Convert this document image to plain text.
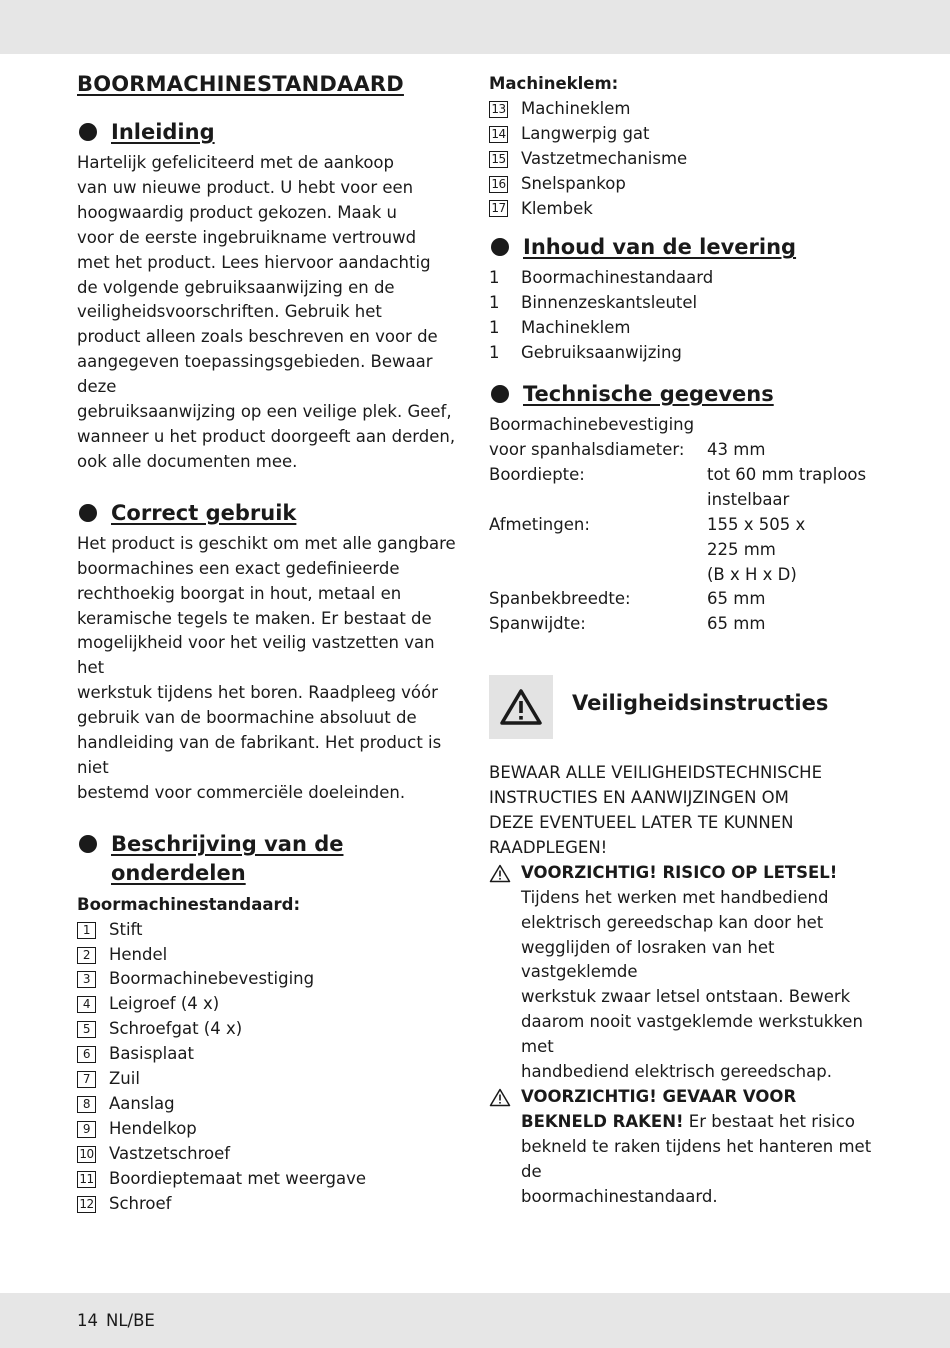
BOORMACHINESTANDAARD
Inleiding

Hartelijk gefeliciteerd met de aankoop
van uw nieuwe product. U hebt voor een
hoogwaardig product gekozen. Maak u
voor de eerste ingebruikname vertrouwd
met het product. Lees hiervoor aandachtig
de volgende gebruiksaanwijzing en de
veiligheidsvoorschriften. Gebruik het
product alleen zoals beschreven en voor de
aangegeven toepassingsgebieden. Bewaar deze
gebruiksaanwijzing op een veilige plek. Geef,
wanneer u het product doorgeeft aan derden,
ook alle documenten mee.

Correct gebruik

Het product is geschikt om met alle gangbare
boormachines een exact gedefinieerde
rechthoekig boorgat in hout, metaal en
keramische tegels te maken. Er bestaat de
mogelijkheid voor het veilig vastzetten van het
werkstuk tijdens het boren. Raadpleeg vóór
gebruik van de boormachine absoluut de
handleiding van de fabrikant. Het product is niet
bestemd voor commerciële doeleinden.

Beschrijving van de
onderdelen
Boormachinestandaard:
1	Stift
2	Hendel
3	Boormachinebevestiging
4	Leigroef (4 x)
5	Schroefgat (4 x)
6	Basisplaat
7	Zuil
8	Aanslag
9	Hendelkop
10 Vastzetschroef
11 Boordieptemaat met weergave
12 Schroef
Machineklem:
13 Machineklem
14 Langwerpig gat
15 Vastzetmechanisme
16 Snelspankop
17 Klembek
Inhoud van de levering
1	Boormachinestandaard
1	Binnenzeskantsleutel
1	Machineklem
1	Gebruiksaanwijzing
Technische gegevens
Boormachinebevestiging	
voor spanhalsdiameter:	43 mm
Boordiepte:	tot 60 mm traploos
	instelbaar
Afmetingen:	155 x 505 x
	225 mm
	(B x H x D)
Spanbekbreedte:	65 mm
Spanwijdte:	65 mm
Veiligheidsinstructies

BEWAAR ALLE VEILIGHEIDSTECHNISCHE
INSTRUCTIES EN AANWIJZINGEN OM
DEZE EVENTUEEL LATER TE KUNNEN
RAADPLEGEN!

VOORZICHTIG! RISICO OP LETSEL!
Tijdens het werken met handbediend
elektrisch gereedschap kan door het
wegglijden of losraken van het vastgeklemde
werkstuk zwaar letsel ontstaan. Bewerk
daarom nooit vastgeklemde werkstukken met
handbediend elektrisch gereedschap.
VOORZICHTIG! GEVAAR VOOR
BEKNELD RAKEN! Er bestaat het risico
bekneld te raken tijdens het hanteren met de
boormachinestandaard.
14 NL/BE
